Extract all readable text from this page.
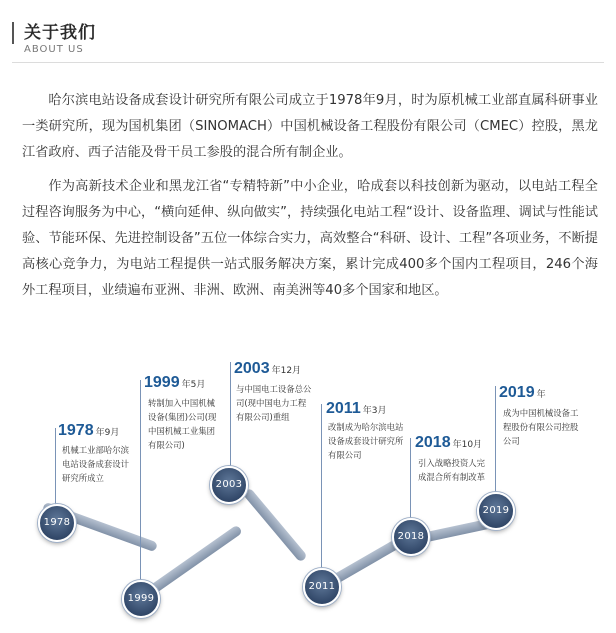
关于我们
ABOUT US

哈尔滨电站设备成套设计研究所有限公司成立于1978年9月，时为原机械工业部直属科研事业一类研究所，现为国机集团（SINOMACH）中国机械设备工程股份有限公司（CMEC）控股，黑龙江省政府、西子洁能及骨干员工参股的混合所有制企业。

作为高新技术企业和黑龙江省“专精特新”中小企业，哈成套以科技创新为驱动，以电站工程全过程咨询服务为中心，“横向延伸、纵向做实”，持续强化电站工程“设计、设备监理、调试与性能试验、节能环保、先进控制设备”五位一体综合实力，高效整合“科研、设计、工程”各项业务，不断提高核心竞争力，为电站工程提供一站式服务解决方案，累计完成400多个国内工程项目，246个海外工程项目，业绩遍布亚洲、非洲、欧洲、南美洲等40多个国家和地区。

1978 年9月
机械工业部哈尔滨电站设备成套设计研究所成立
1978
1999 年5月
转制加入中国机械设备(集团)公司(现中国机械工业集团有限公司)
1999
2003 年12月
与中国电工设备总公司(现中国电力工程有限公司)重组
2003
2011 年3月
改制成为哈尔滨电站设备成套设计研究所有限公司
2011
2018 年10月
引入战略投资人完成混合所有制改革
2018
2019 年
成为中国机械设备工程股份有限公司控股公司
2019
